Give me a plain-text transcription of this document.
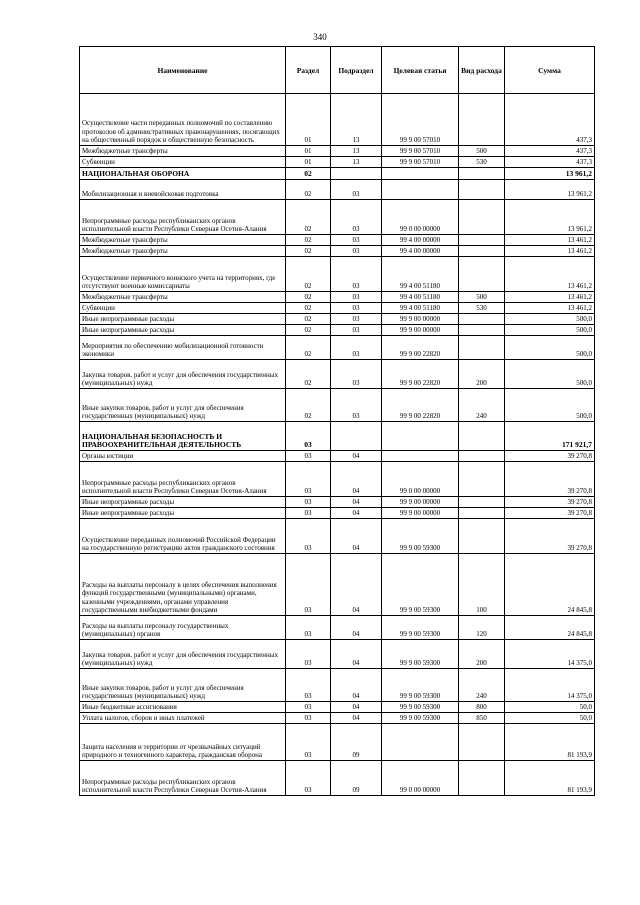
340
Наименование	Раздел	Подраздел	Целевая статья	Вид расхода	Сумма
Осуществление части переданных полномочий по составлению протоколов об административных правонарушениях, посягающих на общественный порядок и общественную безопасность	01	13	99 9 00 57010		437,3
Межбюджетные трансферты	01	13	99 9 00 57010	500	437,3
Субвенции	01	13	99 9 00 57010	530	437,3
НАЦИОНАЛЬНАЯ ОБОРОНА	02				13 961,2
Мобилизационная и вневойсковая подготовка	02	03			13 961,2
Непрограммные расходы республиканских органов исполнительной власти Республики Северная Осетия-Алания	02	03	99 0 00 00000		13 961,2
Межбюджетные трансферты	02	03	99 4 00 00000		13 461,2
Межбюджетные трансферты	02	03	99 4 00 00000		13 461,2
Осуществление первичного воинского учета на территориях, где отсутствуют военные комиссариаты	02	03	99 4 00 51180		13 461,2
Межбюджетные трансферты	02	03	99 4 00 51180	500	13 461,2
Субвенции	02	03	99 4 00 51180	530	13 461,2
Иные непрограммные расходы	02	03	99 9 00 00000		500,0
Иные непрограммные расходы	02	03	99 9 00 00000		500,0
Мероприятия по обеспечению мобилизационной готовности экономики	02	03	99 9 00 22820		500,0
Закупка товаров, работ и услуг для обеспечения государственных (муниципальных) нужд	02	03	99 9 00 22820	200	500,0
Иные закупки товаров, работ и услуг для обеспечения государственных (муниципальных) нужд	02	03	99 9 00 22820	240	500,0
НАЦИОНАЛЬНАЯ БЕЗОПАСНОСТЬ И ПРАВООХРАНИТЕЛЬНАЯ ДЕЯТЕЛЬНОСТЬ	03				171 921,7
Органы юстиции	03	04			39 270,8
Непрограммные расходы республиканских органов исполнительной власти Республики Северная Осетия-Алания	03	04	99 0 00 00000		39 270,8
Иные непрограммные расходы	03	04	99 9 00 00000		39 270,8
Иные непрограммные расходы	03	04	99 9 00 00000		39 270,8
Осуществление переданных полномочий Российской Федерации на государственную регистрацию актов гражданского состояния	03	04	99 9 00 59300		39 270,8
Расходы на выплаты персоналу в целях обеспечения выполнения функций государственными (муниципальными) органами, казенными учреждениями, органами управления государственными внебюджетными фондами	03	04	99 9 00 59300	100	24 845,8
Расходы на выплаты персоналу государственных (муниципальных) органов	03	04	99 9 00 59300	120	24 845,8
Закупка товаров, работ и услуг для обеспечения государственных (муниципальных) нужд	03	04	99 9 00 59300	200	14 375,0
Иные закупки товаров, работ и услуг для обеспечения государственных (муниципальных) нужд	03	04	99 9 00 59300	240	14 375,0
Иные бюджетные ассигнования	03	04	99 9 00 59300	800	50,0
Уплата налогов, сборов и иных платежей	03	04	99 9 00 59300	850	50,0
Защита населения и территории от чрезвычайных ситуаций природного и техногенного характера, гражданская оборона	03	09			81 193,9
Непрограммные расходы республиканских органов исполнительной власти Республики Северная Осетия-Алания	03	09	99 0 00 00000		81 193,9
